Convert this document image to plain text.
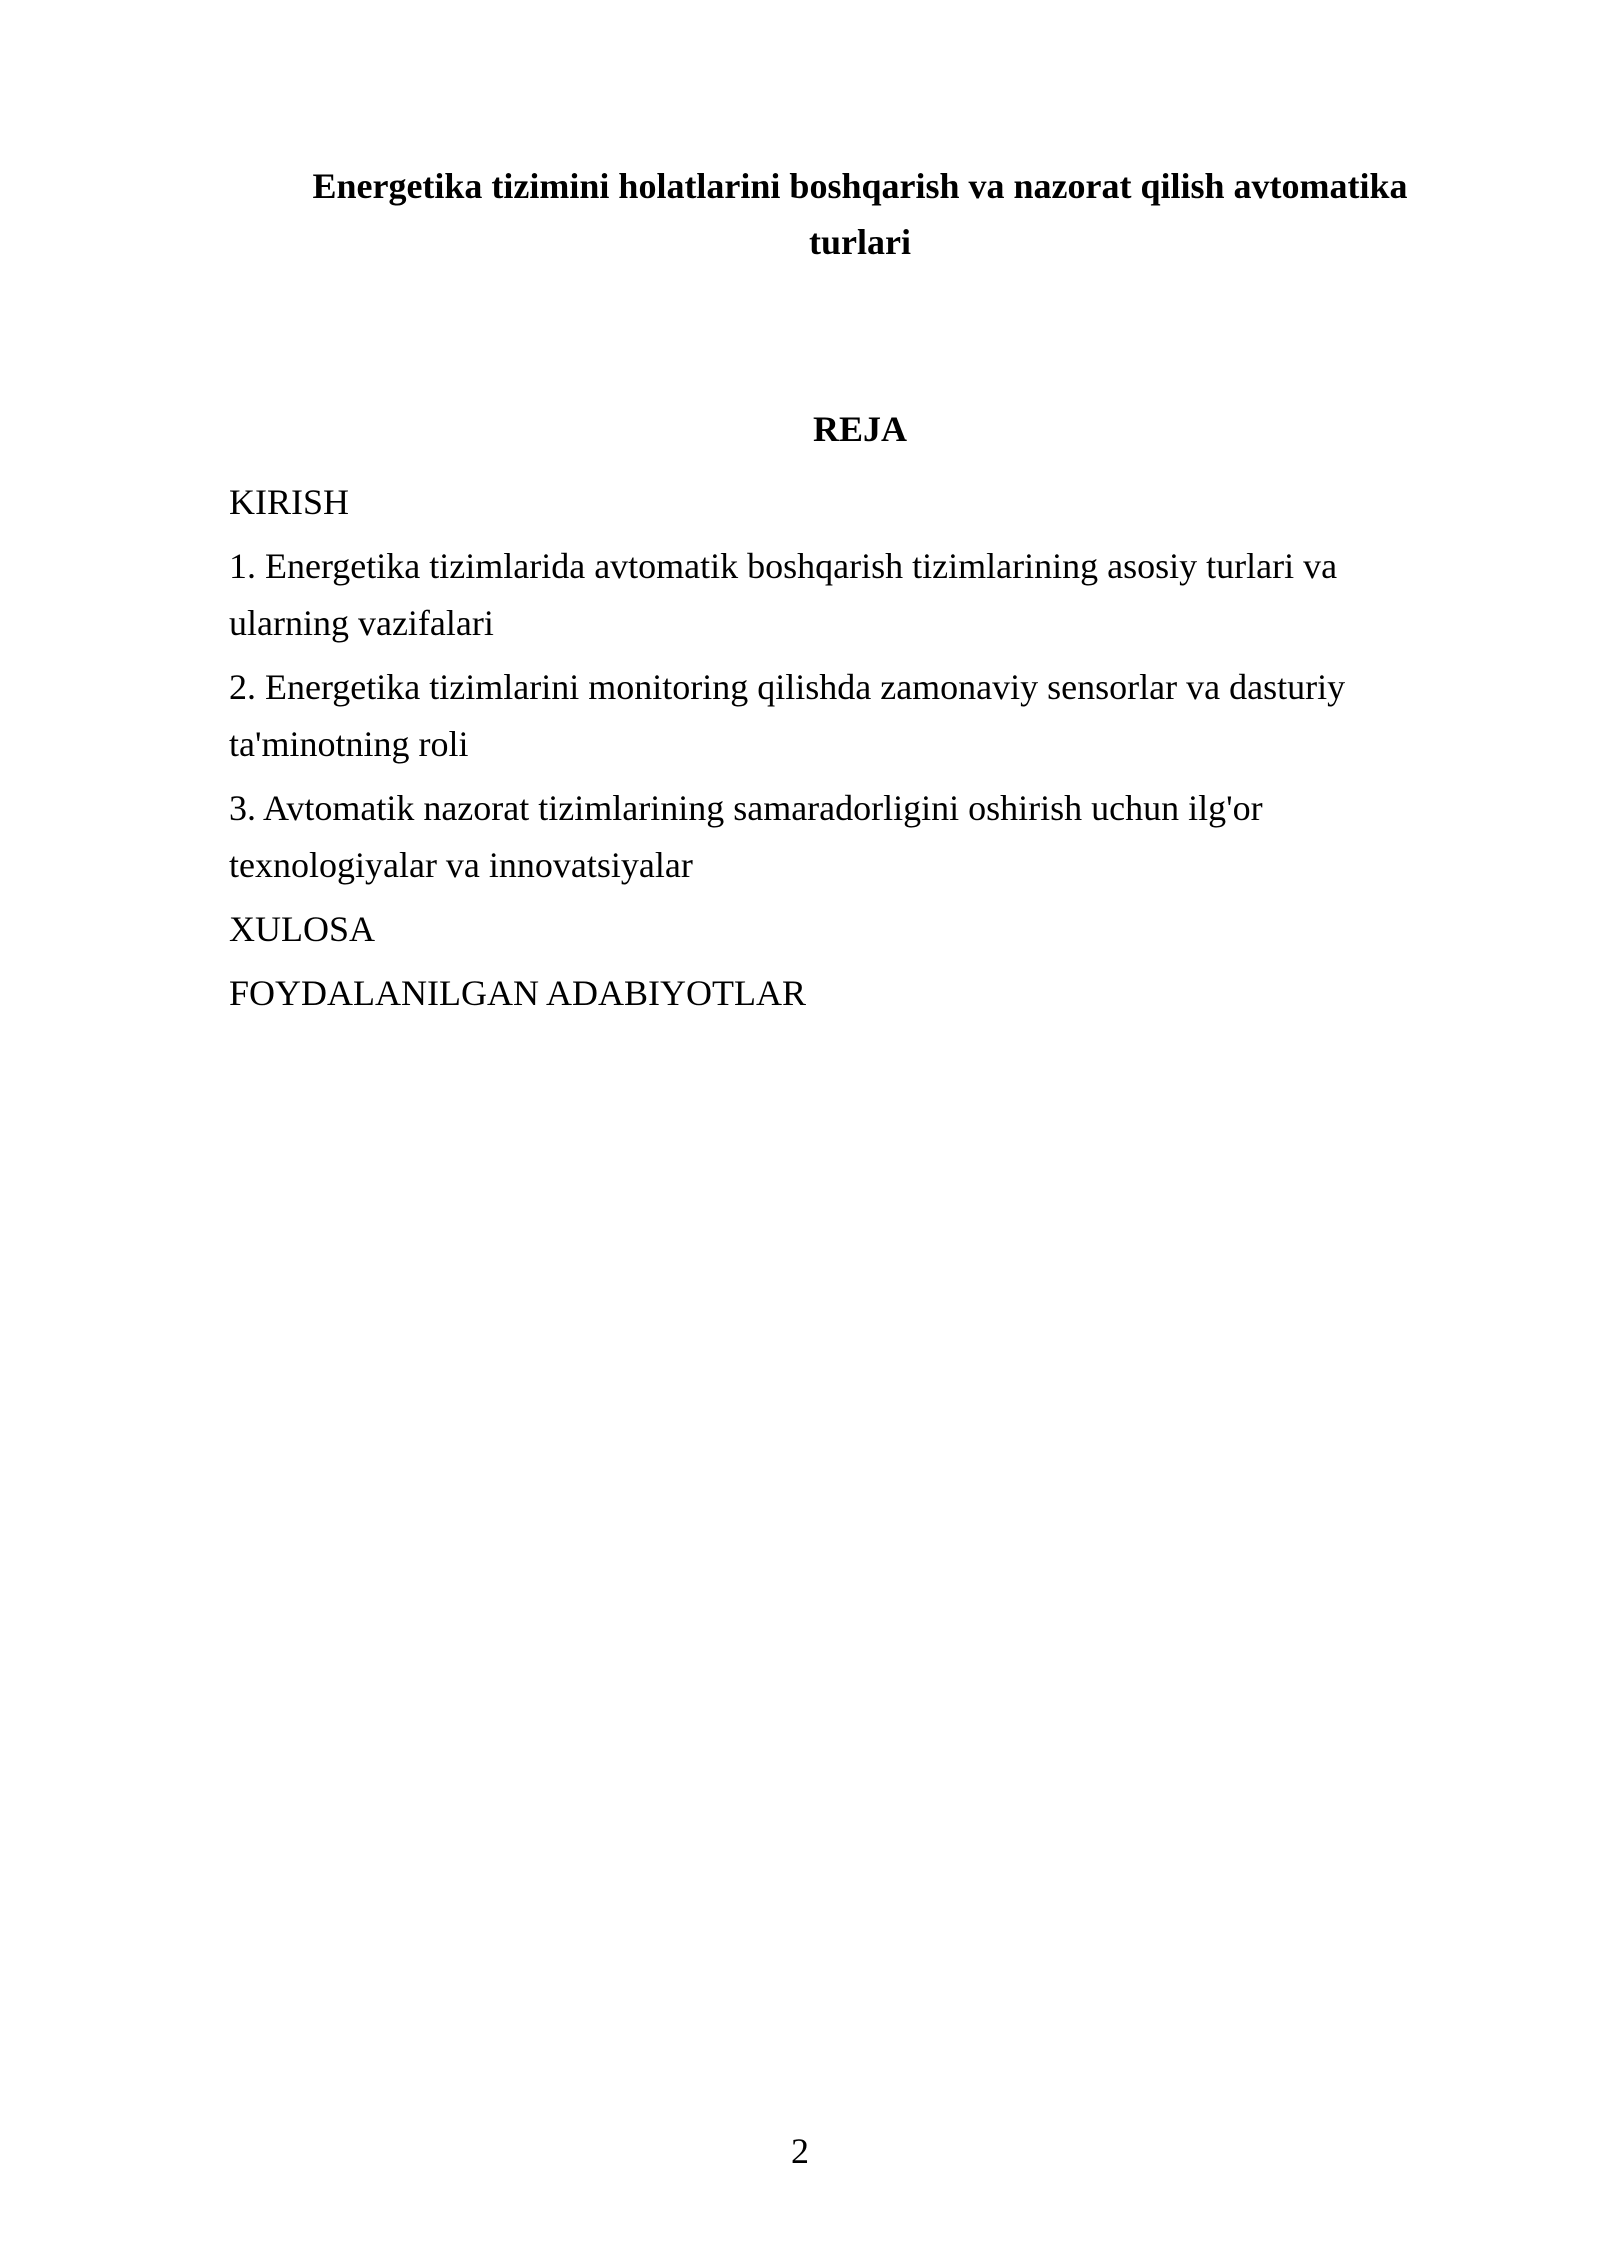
Energetika tizimini holatlarini boshqarish va nazorat qilish avtomatika turlari
REJA
KIRISH
1. Energetika tizimlarida avtomatik boshqarish tizimlarining asosiy turlari va ularning vazifalari
2. Energetika tizimlarini monitoring qilishda zamonaviy sensorlar va dasturiy ta'minotning roli
3. Avtomatik nazorat tizimlarining samaradorligini oshirish uchun ilg'or texnologiyalar va innovatsiyalar
XULOSA
FOYDALANILGAN ADABIYOTLAR
2
